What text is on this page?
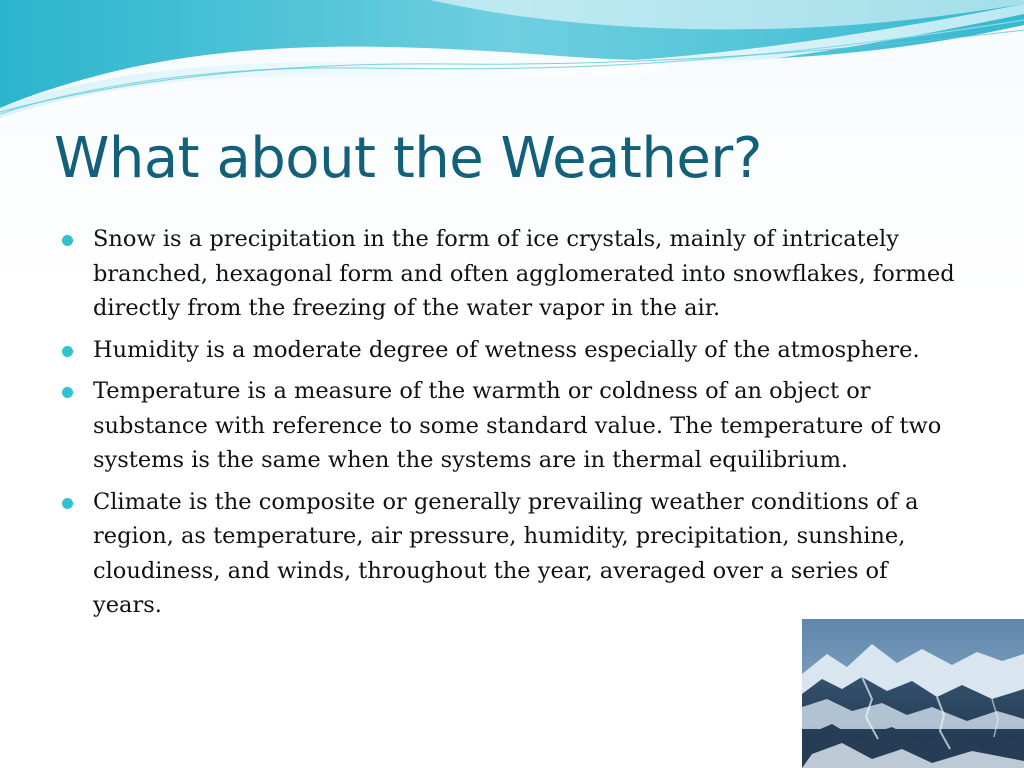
What about the Weather?
Snow is a precipitation in the form of ice crystals, mainly of intricately branched, hexagonal form and often agglomerated into snowflakes, formed directly from the freezing of the water vapor in the air.
Humidity is a moderate degree of wetness especially of the atmosphere.
Temperature is a measure of the warmth or coldness of an object or substance with reference to some standard value. The temperature of two systems is the same when the systems are in thermal equilibrium.
Climate is the composite or generally prevailing weather conditions of a region, as temperature, air pressure, humidity, precipitation, sunshine, cloudiness, and winds, throughout the year, averaged over a series of years.
